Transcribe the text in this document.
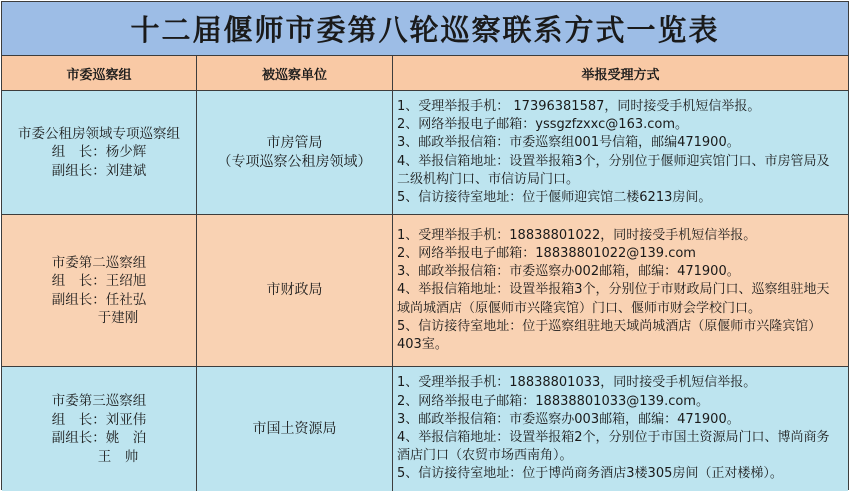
十二届偃师市委第八轮巡察联系方式一览表
市委巡察组	被巡察单位	举报受理方式
市委公租房领域专项巡察组
组　长：杨少辉
副组长：刘建斌
市房管局
（专项巡察公租房领域）
1、受理举报手机： 17396381587，同时接受手机短信举报。
2、网络举报电子邮箱：yssgzfzxxc@163.com。
3、邮政举报信箱：市委巡察组001号信箱，邮编471900。
4、举报信箱地址：设置举报箱3个，分别位于偃师迎宾馆门口、市房管局及二级机构门口、市信访局门口。
5、信访接待室地址：位于偃师迎宾馆二楼6213房间。
市委第二巡察组
组　长：王绍旭
副组长：任社弘
于建刚
市财政局
1、受理举报手机：18838801022，同时接受手机短信举报。
2、网络举报电子邮箱：18838801022@139.com
3、邮政举报信箱：市委巡察办002邮箱，邮编：471900。
4、举报信箱地址：设置举报箱3个，分别位于市财政局门口、巡察组驻地天域尚城酒店（原偃师市兴隆宾馆）门口、偃师市财会学校门口。
5、信访接待室地址：位于巡察组驻地天域尚城酒店（原偃师市兴隆宾馆）403室。
市委第三巡察组
组　长：刘亚伟
副组长：姚　泊
王　帅
市国土资源局
1、受理举报手机：18838801033，同时接受手机短信举报。
2、网络举报电子邮箱：18838801033@139.com。
3、邮政举报信箱：市委巡察办003邮箱，邮编：471900。
4、举报信箱地址：设置举报箱2个，分别位于市国土资源局门口、博尚商务酒店门口（农贸市场西南角）。
5、信访接待室地址：位于博尚商务酒店3楼305房间（正对楼梯）。
